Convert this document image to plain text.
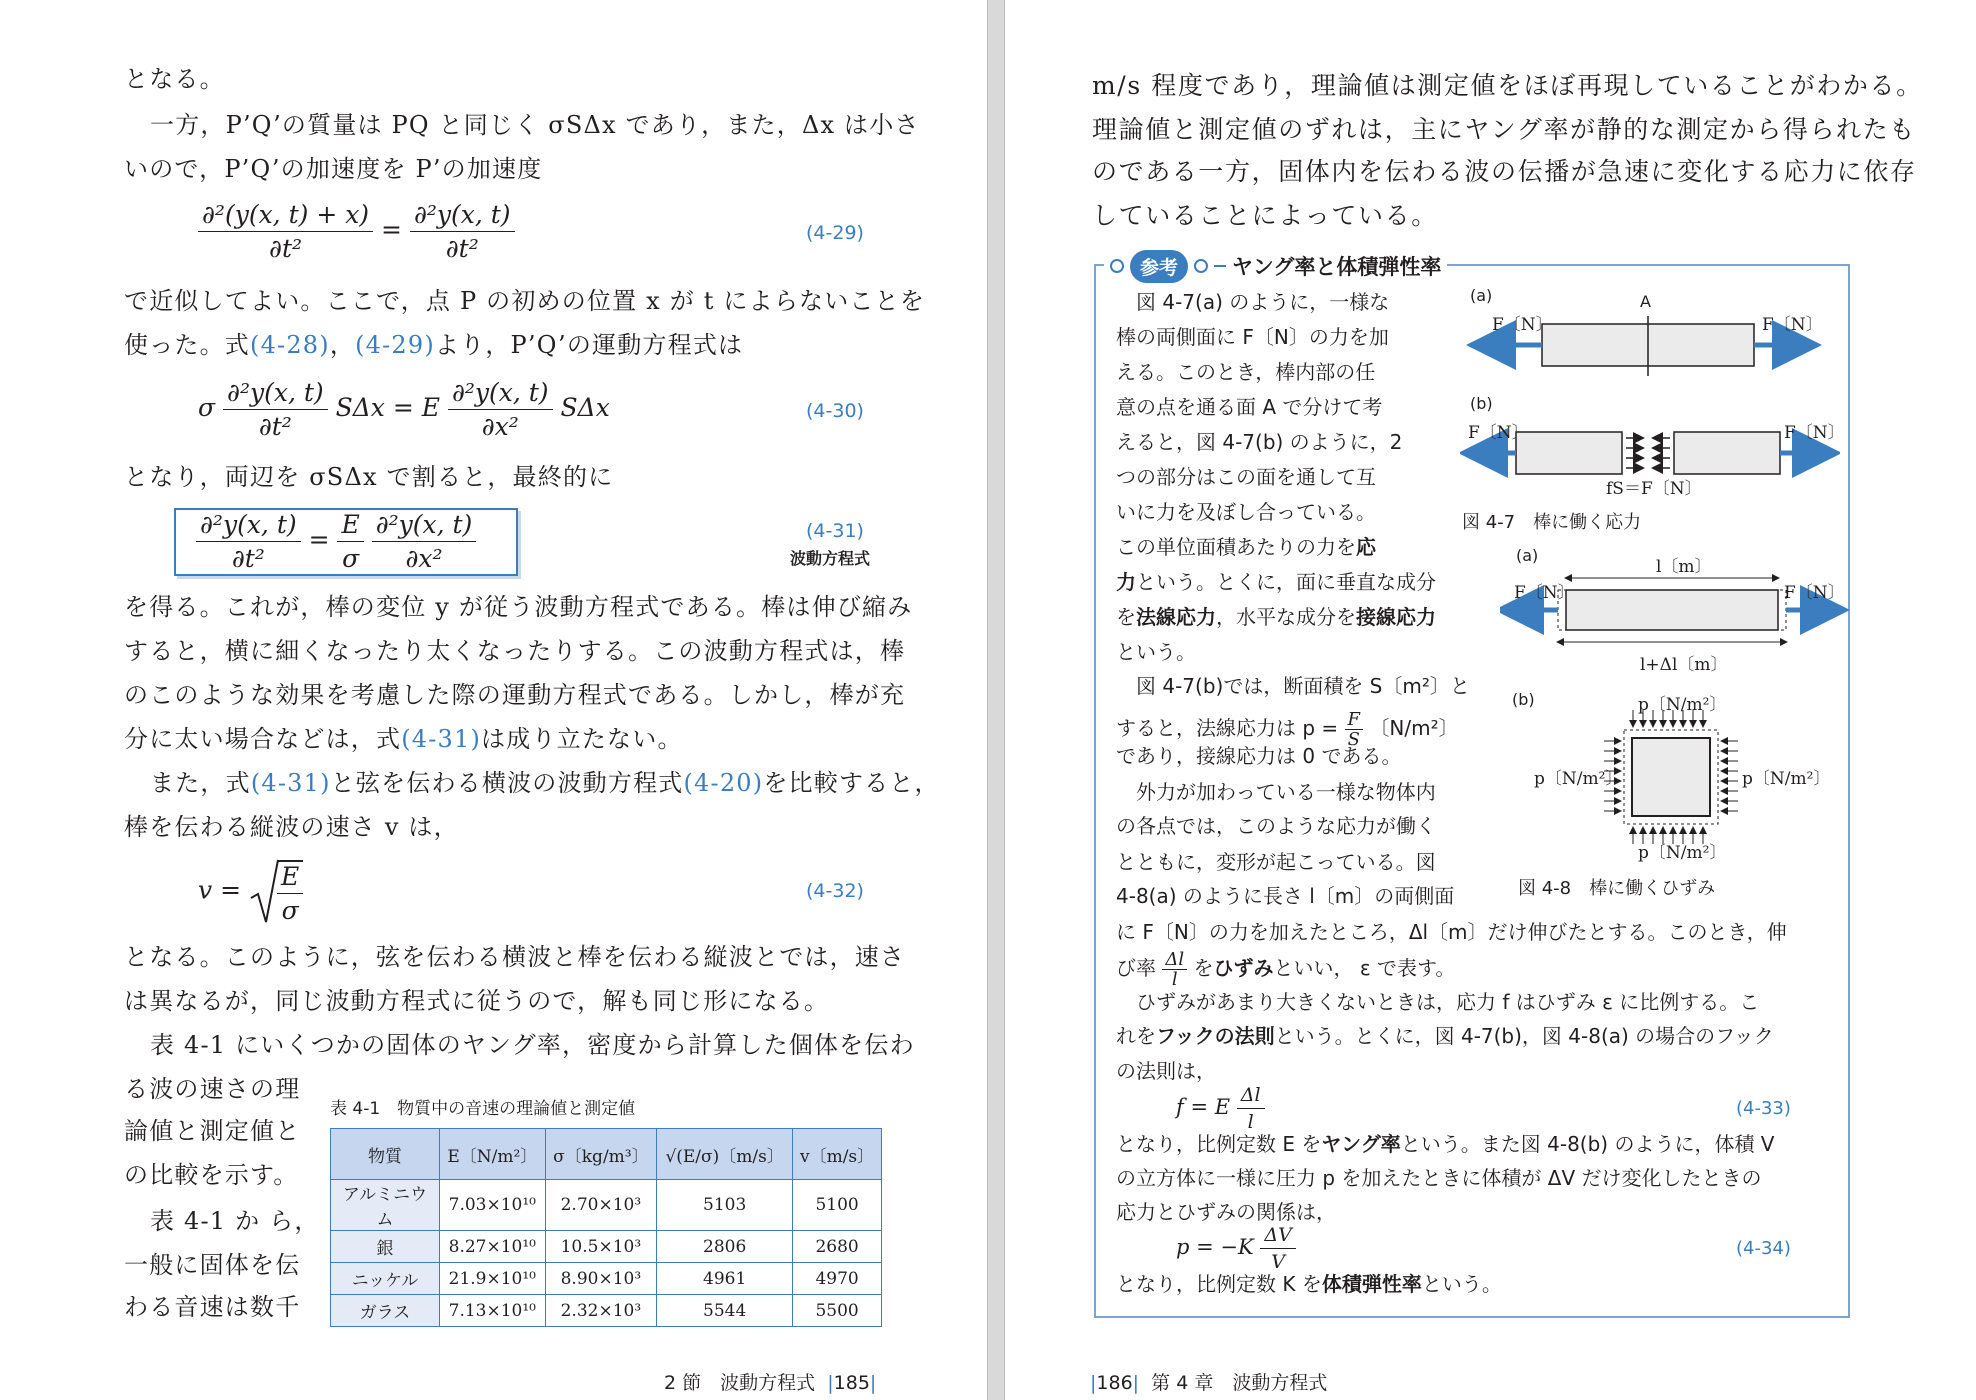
となる。
一方，P’Q’の質量は PQ と同じく σSΔx であり，また，Δx は小さ
いので，P’Q’の加速度を P’の加速度
$\frac{\text{∂²(y(x, t) + x)}}{\text{∂t²}} = \frac{\text{∂²y(x, t)}}{\text{∂t²}}$	(4-29)
で近似してよい。ここで，点 P の初めの位置 x が t によらないことを
使った。式(4-28)，(4-29)より，P’Q’の運動方程式は
σ $\frac{\text{∂²y(x, t)}}{\text{∂t²}}$ SΔx = E $\frac{\text{∂²y(x, t)}}{\text{∂x²}}$ SΔx	(4-30)
となり，両辺を σSΔx で割ると，最終的に
$\frac{\text{∂²y(x, t)}}{\text{∂t²}} = \frac{E}{\sigma}$
$\frac{\text{∂²y(x, t)}}{\text{∂x²}}$	(4-31)
波動方程式
を得る。これが，棒の変位 y が従う波動方程式である。棒は伸び縮み
すると，横に細くなったり太くなったりする。この波動方程式は，棒
のこのような効果を考慮した際の運動方程式である。しかし，棒が充
分に太い場合などは，式(4-31)は成り立たない。
また，式(4-31)と弦を伝わる横波の波動方程式(4-20)を比較すると，
棒を伝わる縦波の速さ v は，
$v = \frac{E}{\sigma}$	(4-32)
となる。このように，弦を伝わる横波と棒を伝わる縦波とでは，速さ
は異なるが，同じ波動方程式に従うので，解も同じ形になる。
表 4-1 にいくつかの固体のヤング率，密度から計算した個体を伝わ
る波の速さの理
論値と測定値と
の比較を示す。
表 4-1 か ら，
一般に固体を伝
わる音速は数千
表 4-1　物質中の音速の理論値と測定値
物質	E〔N/m²〕	σ〔kg/m³〕	√(E/σ)〔m/s〕	v〔m/s〕
アルミニウム	7.03×10¹⁰	2.70×10³	5103	5100
銀	8.27×10¹⁰	10.5×10³	2806	2680
ニッケル	21.9×10¹⁰	8.90×10³	4961	4970
ガラス	7.13×10¹⁰	2.32×10³	5544	5500
2 節　波動方程式  |185|
m/s 程度であり，理論値は測定値をほぼ再現していることがわかる。
理論値と測定値のずれは，主にヤング率が静的な測定から得られたも
のである一方，固体内を伝わる波の伝播が急速に変化する応力に依存
していることによっている。
参考	ヤング率と体積弾性率
　図 4-7(a) のように，一様な
棒の両側面に F〔N〕の力を加
える。このとき，棒内部の任
意の点を通る面 A で分けて考
えると，図 4-7(b) のように，2
つの部分はこの面を通して互
いに力を及ぼし合っている。
この単位面積あたりの力を応
力という。とくに，面に垂直な成分
を法線応力，水平な成分を接線応力
という。
　図 4-7(b)では，断面積を S〔m²〕と
すると，法線応力は $p = \frac{F}{S}$ 〔N/m²〕
であり，接線応力は 0 である。
　外力が加わっている一様な物体内
の各点では，このような応力が働く
とともに，変形が起こっている。図
4-8(a) のように長さ l〔m〕の両側面
に F〔N〕の力を加えたところ，Δl〔m〕だけ伸びたとする。このとき，伸
び率 $\frac{\Delta l}{l}$ をひずみといい， ε で表す。
　ひずみがあまり大きくないときは，応力 f はひずみ ε に比例する。こ
れをフックの法則という。とくに，図 4-7(b)，図 4-8(a) の場合のフック
の法則は，
f = E $\frac{\Delta l}{l}$	(4-33)
となり，比例定数 E をヤング率という。また図 4-8(b) のように，体積 V
の立方体に一様に圧力 p を加えたときに体積が ΔV だけ変化したときの
応力とひずみの関係は，
$p = -K \frac{\Delta V}{V}$	(4-34)
となり，比例定数 K を体積弾性率という。
(a)	A
F〔N〕	F〔N〕
(b)
F〔N〕	F〔N〕
fS＝F〔N〕
図 4-7　棒に働く応力
(a)
l〔m〕
F〔N〕	F〔N〕
l+Δl〔m〕
(b)	p〔N/m²〕
p〔N/m²〕	p〔N/m²〕
p〔N/m²〕
図 4-8　棒に働くひずみ
|186|  第 4 章　波動方程式
